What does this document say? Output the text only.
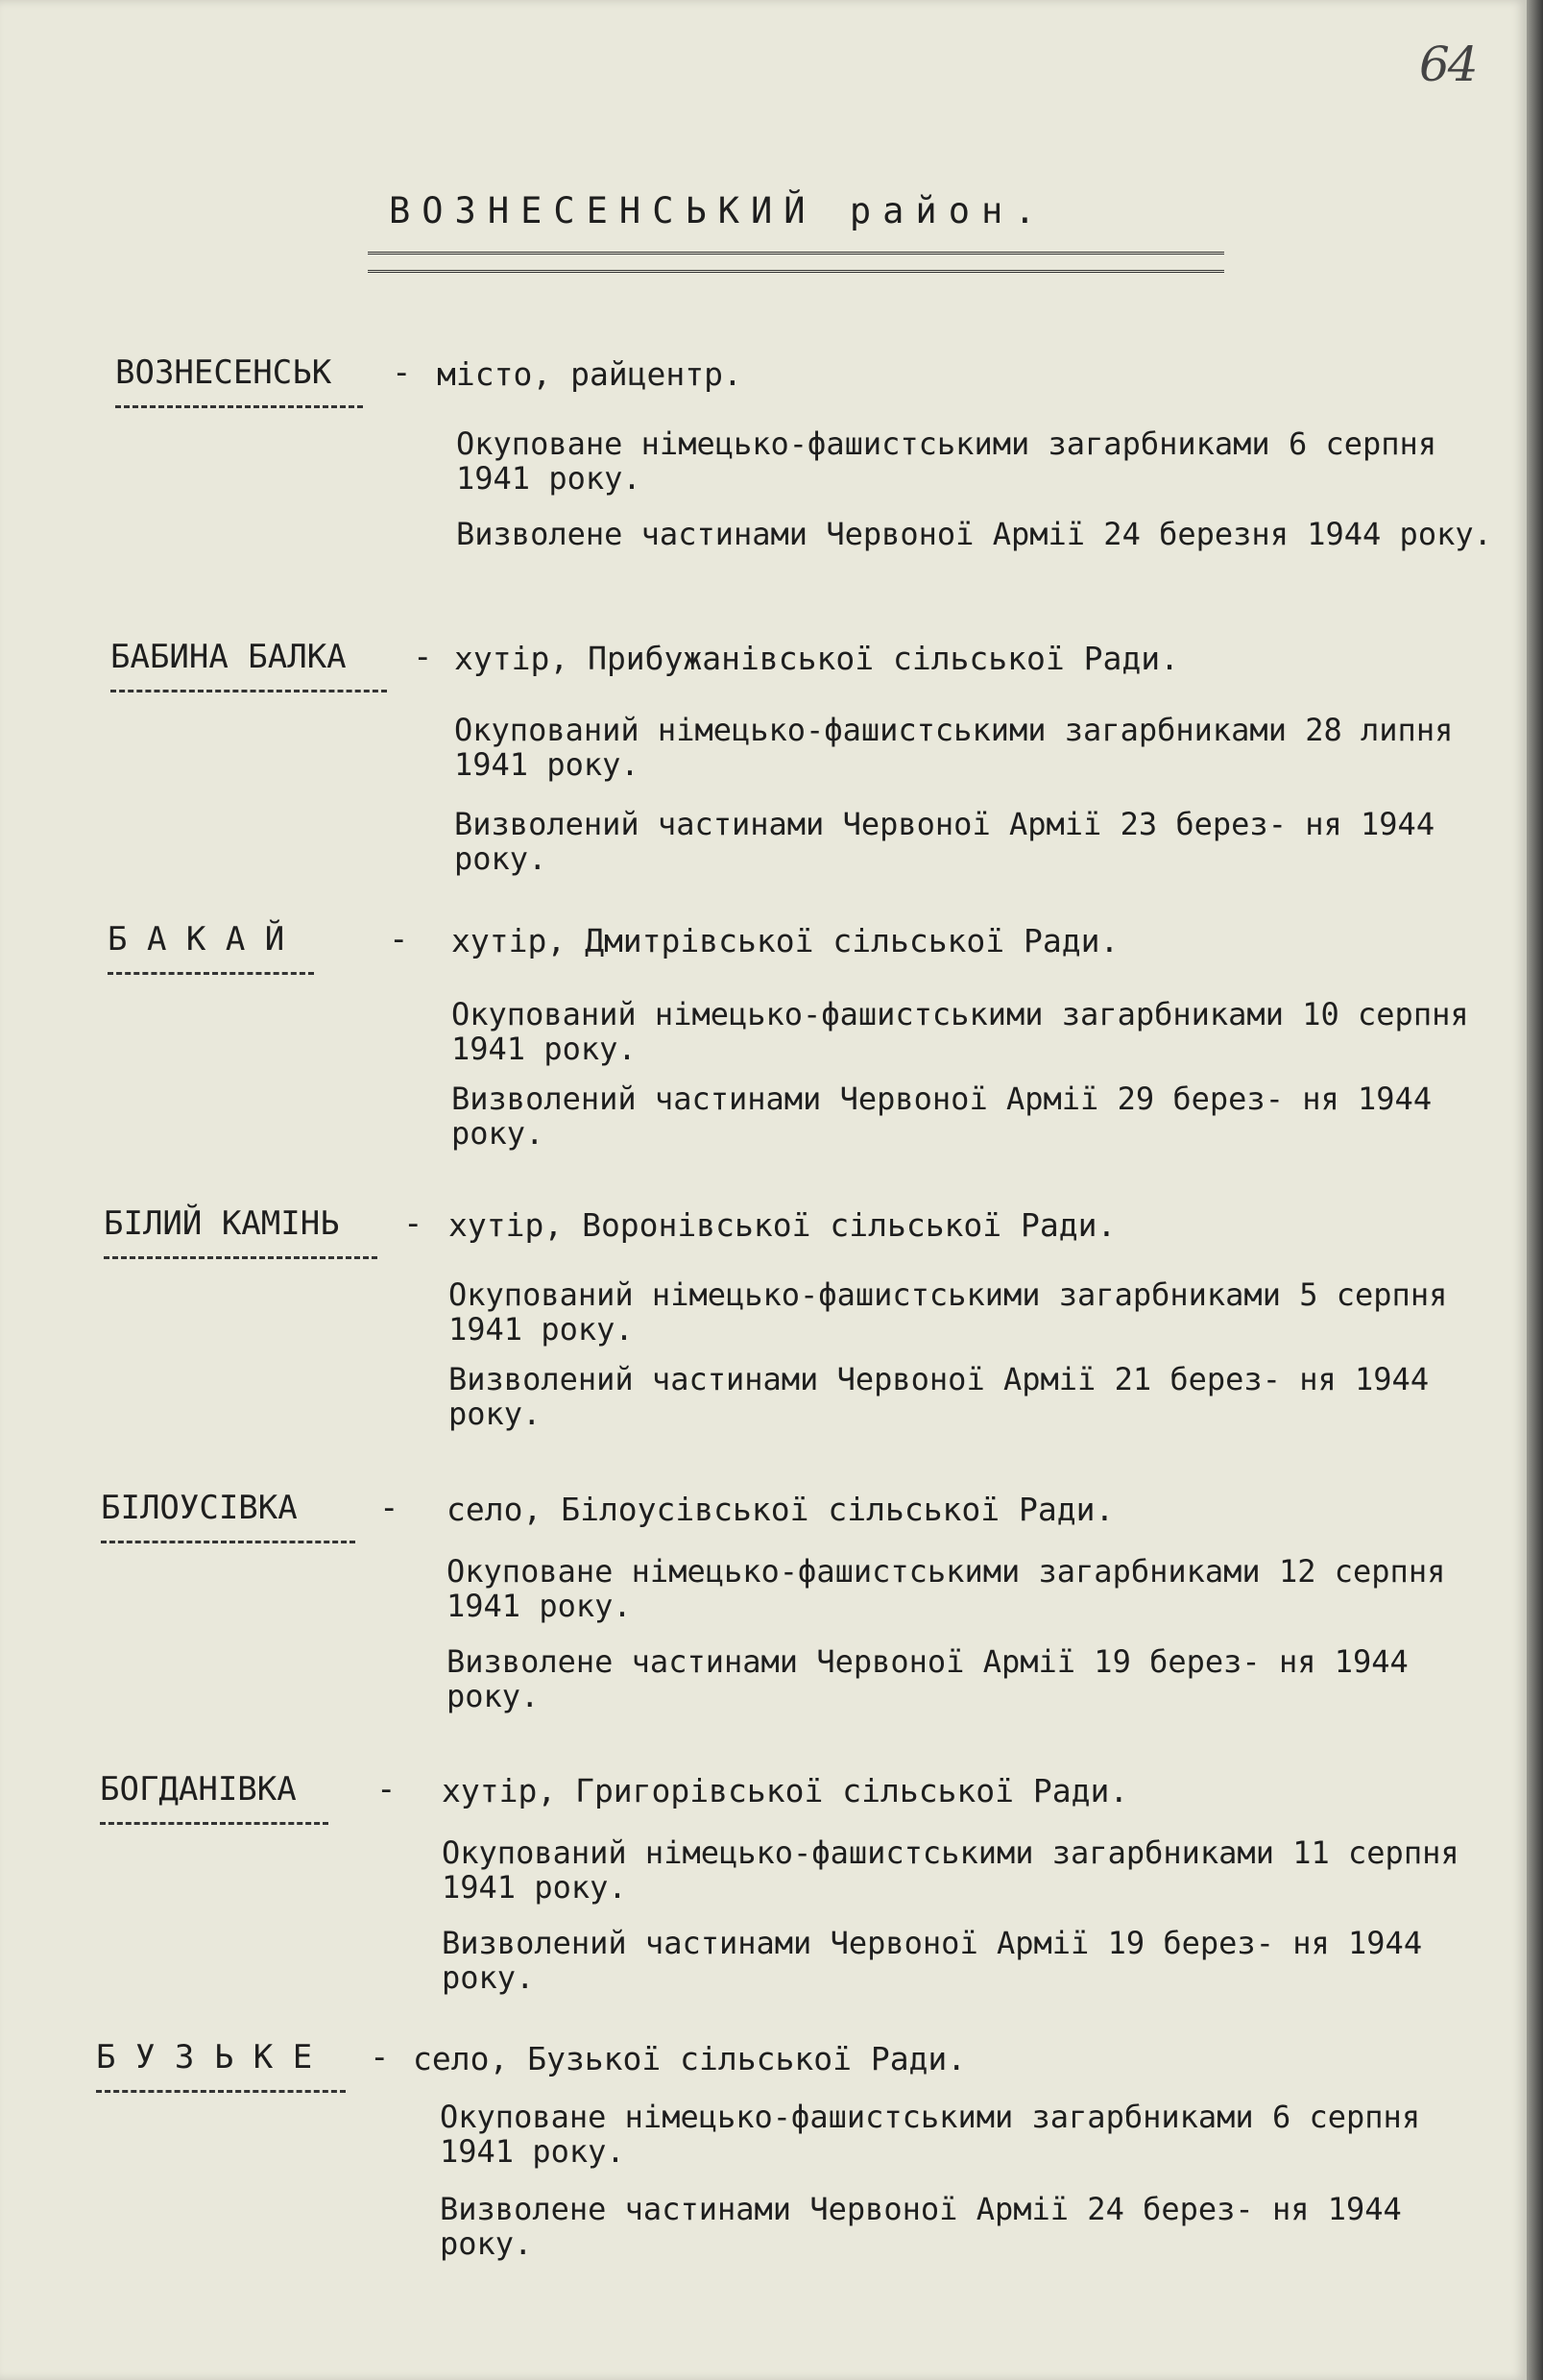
64
ВОЗНЕСЕНСЬКИЙ район.
ВОЗНЕСЕНСЬК - місто, райцентр.
Окуповане німецько-фашистськими загарбниками 6 серпня 1941 року.
Визволене частинами Червоної Армії 24 березня 1944 року.
БАБИНА БАЛКА - хутір, Прибужанівської сільської Ради.
Окупований німецько-фашистськими загарбниками 28 липня 1941 року.
Визволений частинами Червоної Армії 23 берез- ня 1944 року.
Б А К А Й	- хутір, Дмитрівської сільської Ради.
Окупований німецько-фашистськими загарбниками 10 серпня 1941 року.
Визволений частинами Червоної Армії 29 берез- ня 1944 року.
БІЛИЙ КАМІНЬ - хутір, Воронівської сільської Ради.
Окупований німецько-фашистськими загарбниками 5 серпня 1941 року.
Визволений частинами Червоної Армії 21 берез- ня 1944 року.
БІЛОУСІВКА	- село, Білоусівської сільської Ради.
Окуповане німецько-фашистськими загарбниками 12 серпня 1941 року.
Визволене частинами Червоної Армії 19 берез- ня 1944 року.
БОГДАНІВКА - хутір, Григорівської сільської Ради.
Окупований німецько-фашистськими загарбниками 11 серпня 1941 року.
Визволений частинами Червоної Армії 19 берез- ня 1944 року.
Б У З Ь К Е - село, Бузької сільської Ради.
Окуповане німецько-фашистськими загарбниками 6 серпня 1941 року.
Визволене частинами Червоної Армії 24 берез- ня 1944 року.
